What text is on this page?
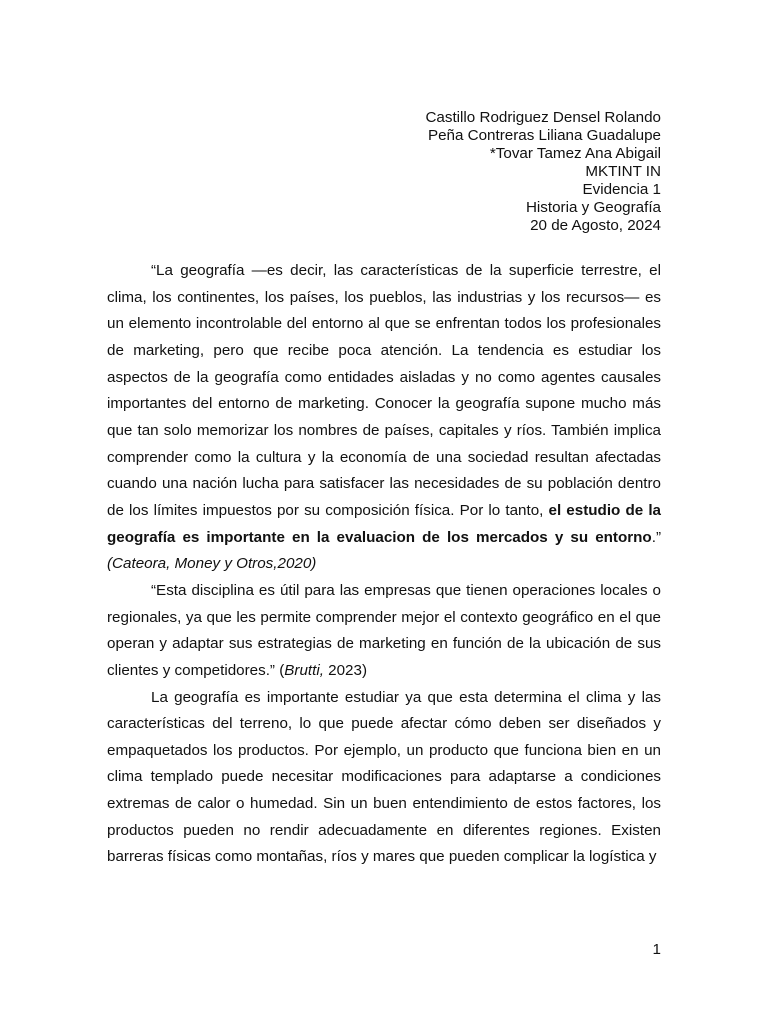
Castillo Rodriguez Densel Rolando
Peña Contreras Liliana Guadalupe
*Tovar Tamez Ana Abigail
MKTINT IN
Evidencia 1
Historia y Geografía
20 de Agosto, 2024

“La geografía —es decir, las características de la superficie terrestre, el clima, los continentes, los países, los pueblos, las industrias y los recursos— es un elemento incontrolable del entorno al que se enfrentan todos los profesionales de marketing, pero que recibe poca atención. La tendencia es estudiar los aspectos de la geografía como entidades aisladas y no como agentes causales importantes del entorno de marketing. Conocer la geografía supone mucho más que tan solo memorizar los nombres de países, capitales y ríos. También implica comprender como la cultura y la economía de una sociedad resultan afectadas cuando una nación lucha para satisfacer las necesidades de su población dentro de los límites impuestos por su composición física. Por lo tanto, el estudio de la geografía es importante en la evaluacion de los mercados y su entorno.” (Cateora, Money y Otros,2020)

“Esta disciplina es útil para las empresas que tienen operaciones locales o regionales, ya que les permite comprender mejor el contexto geográfico en el que operan y adaptar sus estrategias de marketing en función de la ubicación de sus clientes y competidores.” (Brutti, 2023)

La geografía es importante estudiar ya que esta determina el clima y las características del terreno, lo que puede afectar cómo deben ser diseñados y empaquetados los productos. Por ejemplo, un producto que funciona bien en un clima templado puede necesitar modificaciones para adaptarse a condiciones extremas de calor o humedad. Sin un buen entendimiento de estos factores, los productos pueden no rendir adecuadamente en diferentes regiones. Existen barreras físicas como montañas, ríos y mares que pueden complicar la logística y

1
